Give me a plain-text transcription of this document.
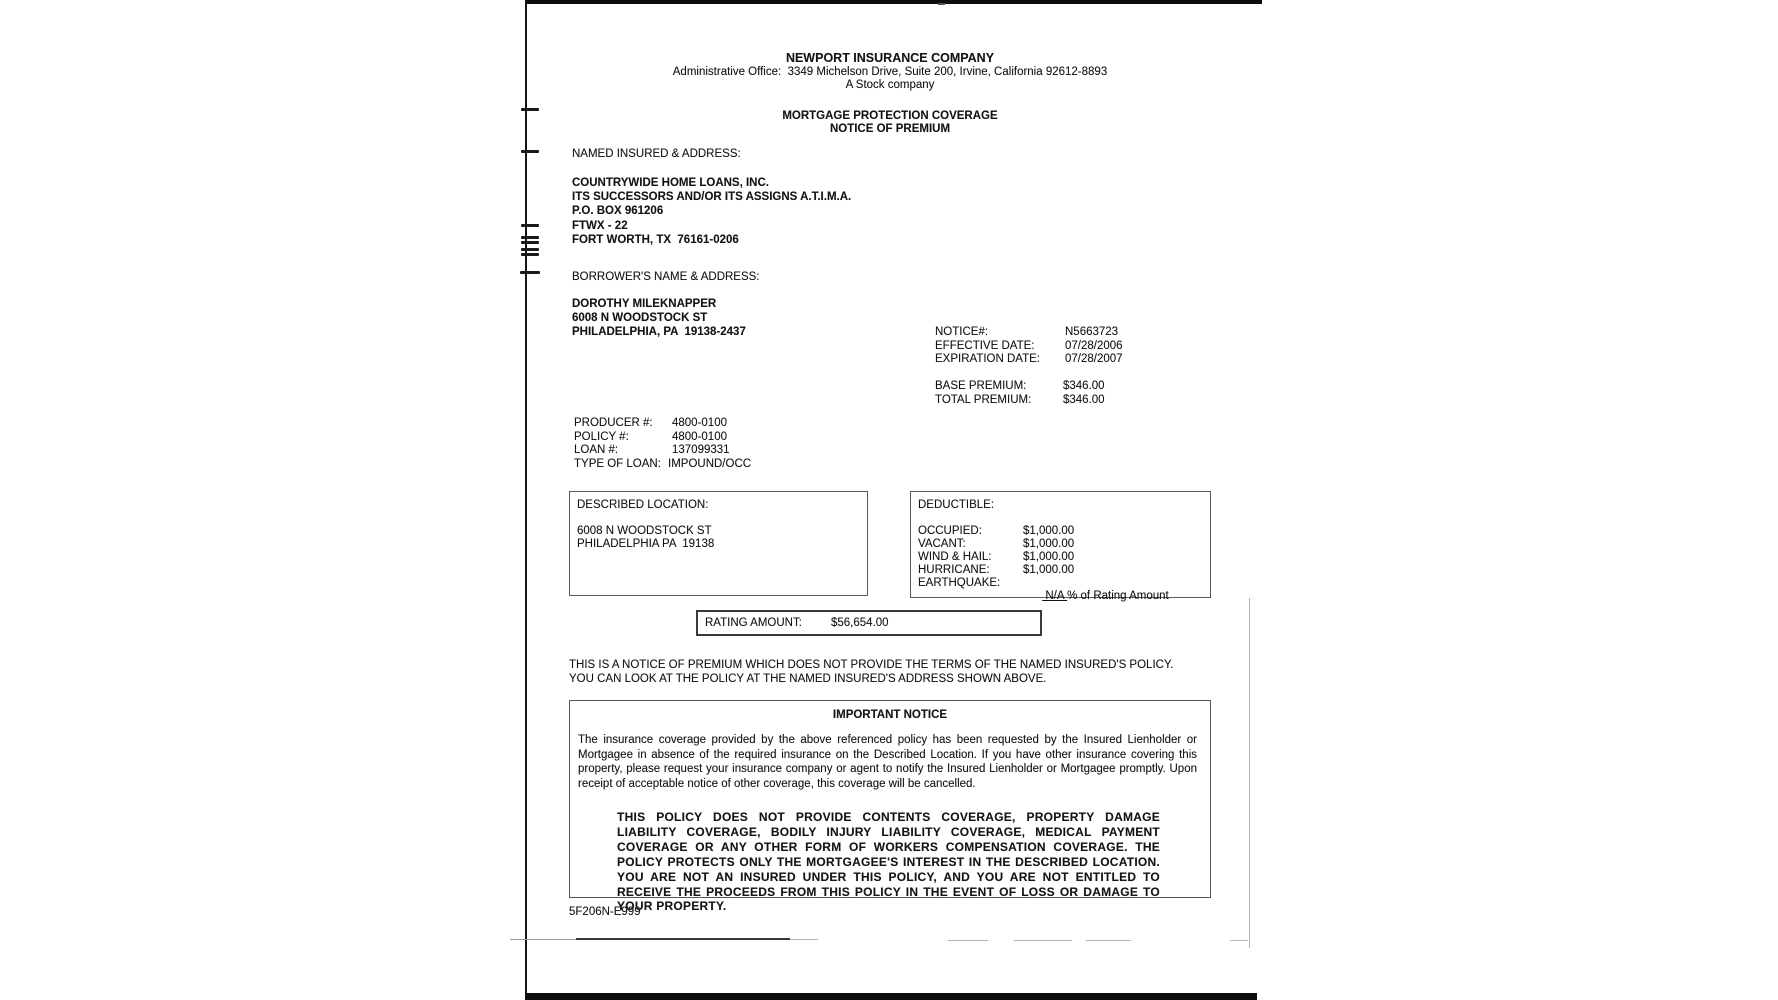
NEWPORT INSURANCE COMPANY
Administrative Office:  3349 Michelson Drive, Suite 200, Irvine, California 92612-8893
A Stock company
MORTGAGE PROTECTION COVERAGE
NOTICE OF PREMIUM
NAMED INSURED & ADDRESS:
COUNTRYWIDE HOME LOANS, INC.
ITS SUCCESSORS AND/OR ITS ASSIGNS A.T.I.M.A.
P.O. BOX 961206
FTWX - 22
FORT WORTH, TX  76161-0206
BORROWER'S NAME & ADDRESS:
DOROTHY MILEKNAPPER
6008 N WOODSTOCK ST
PHILADELPHIA, PA  19138-2437	NOTICE#:	N5663723
EFFECTIVE DATE:	07/28/2006
EXPIRATION DATE: 07/28/2007
BASE PREMIUM:	$346.00
TOTAL PREMIUM:	$346.00
PRODUCER #: 4800-0100
POLICY #:	4800-0100
LOAN #:	137099331
TYPE OF LOAN: IMPOUND/OCC
DESCRIBED LOCATION:
6008 N WOODSTOCK ST
PHILADELPHIA PA  19138
DEDUCTIBLE:
OCCUPIED:	$1,000.00
VACANT:	$1,000.00
WIND & HAIL:	$1,000.00
HURRICANE:	$1,000.00
EARTHQUAKE:

N/A % of Rating Amount

RATING AMOUNT:	$56,654.00
THIS IS A NOTICE OF PREMIUM WHICH DOES NOT PROVIDE THE TERMS OF THE NAMED INSURED'S POLICY.
YOU CAN LOOK AT THE POLICY AT THE NAMED INSURED'S ADDRESS SHOWN ABOVE.
IMPORTANT NOTICE
The insurance coverage provided by the above referenced policy has been requested by the Insured Lienholder or Mortgagee in absence of the required insurance on the Described Location. If you have other insurance covering this property, please request your insurance company or agent to notify the Insured Lienholder or Mortgagee promptly. Upon receipt of acceptable notice of other coverage, this coverage will be cancelled.
THIS POLICY DOES NOT PROVIDE CONTENTS COVERAGE, PROPERTY DAMAGE LIABILITY COVERAGE, BODILY INJURY LIABILITY COVERAGE, MEDICAL PAYMENT COVERAGE OR ANY OTHER FORM OF WORKERS COMPENSATION COVERAGE. THE POLICY PROTECTS ONLY THE MORTGAGEE'S INTEREST IN THE DESCRIBED LOCATION. YOU ARE NOT AN INSURED UNDER THIS POLICY, AND YOU ARE NOT ENTITLED TO RECEIVE THE PROCEEDS FROM THIS POLICY IN THE EVENT OF LOSS OR DAMAGE TO YOUR PROPERTY.
5F206N-E999
